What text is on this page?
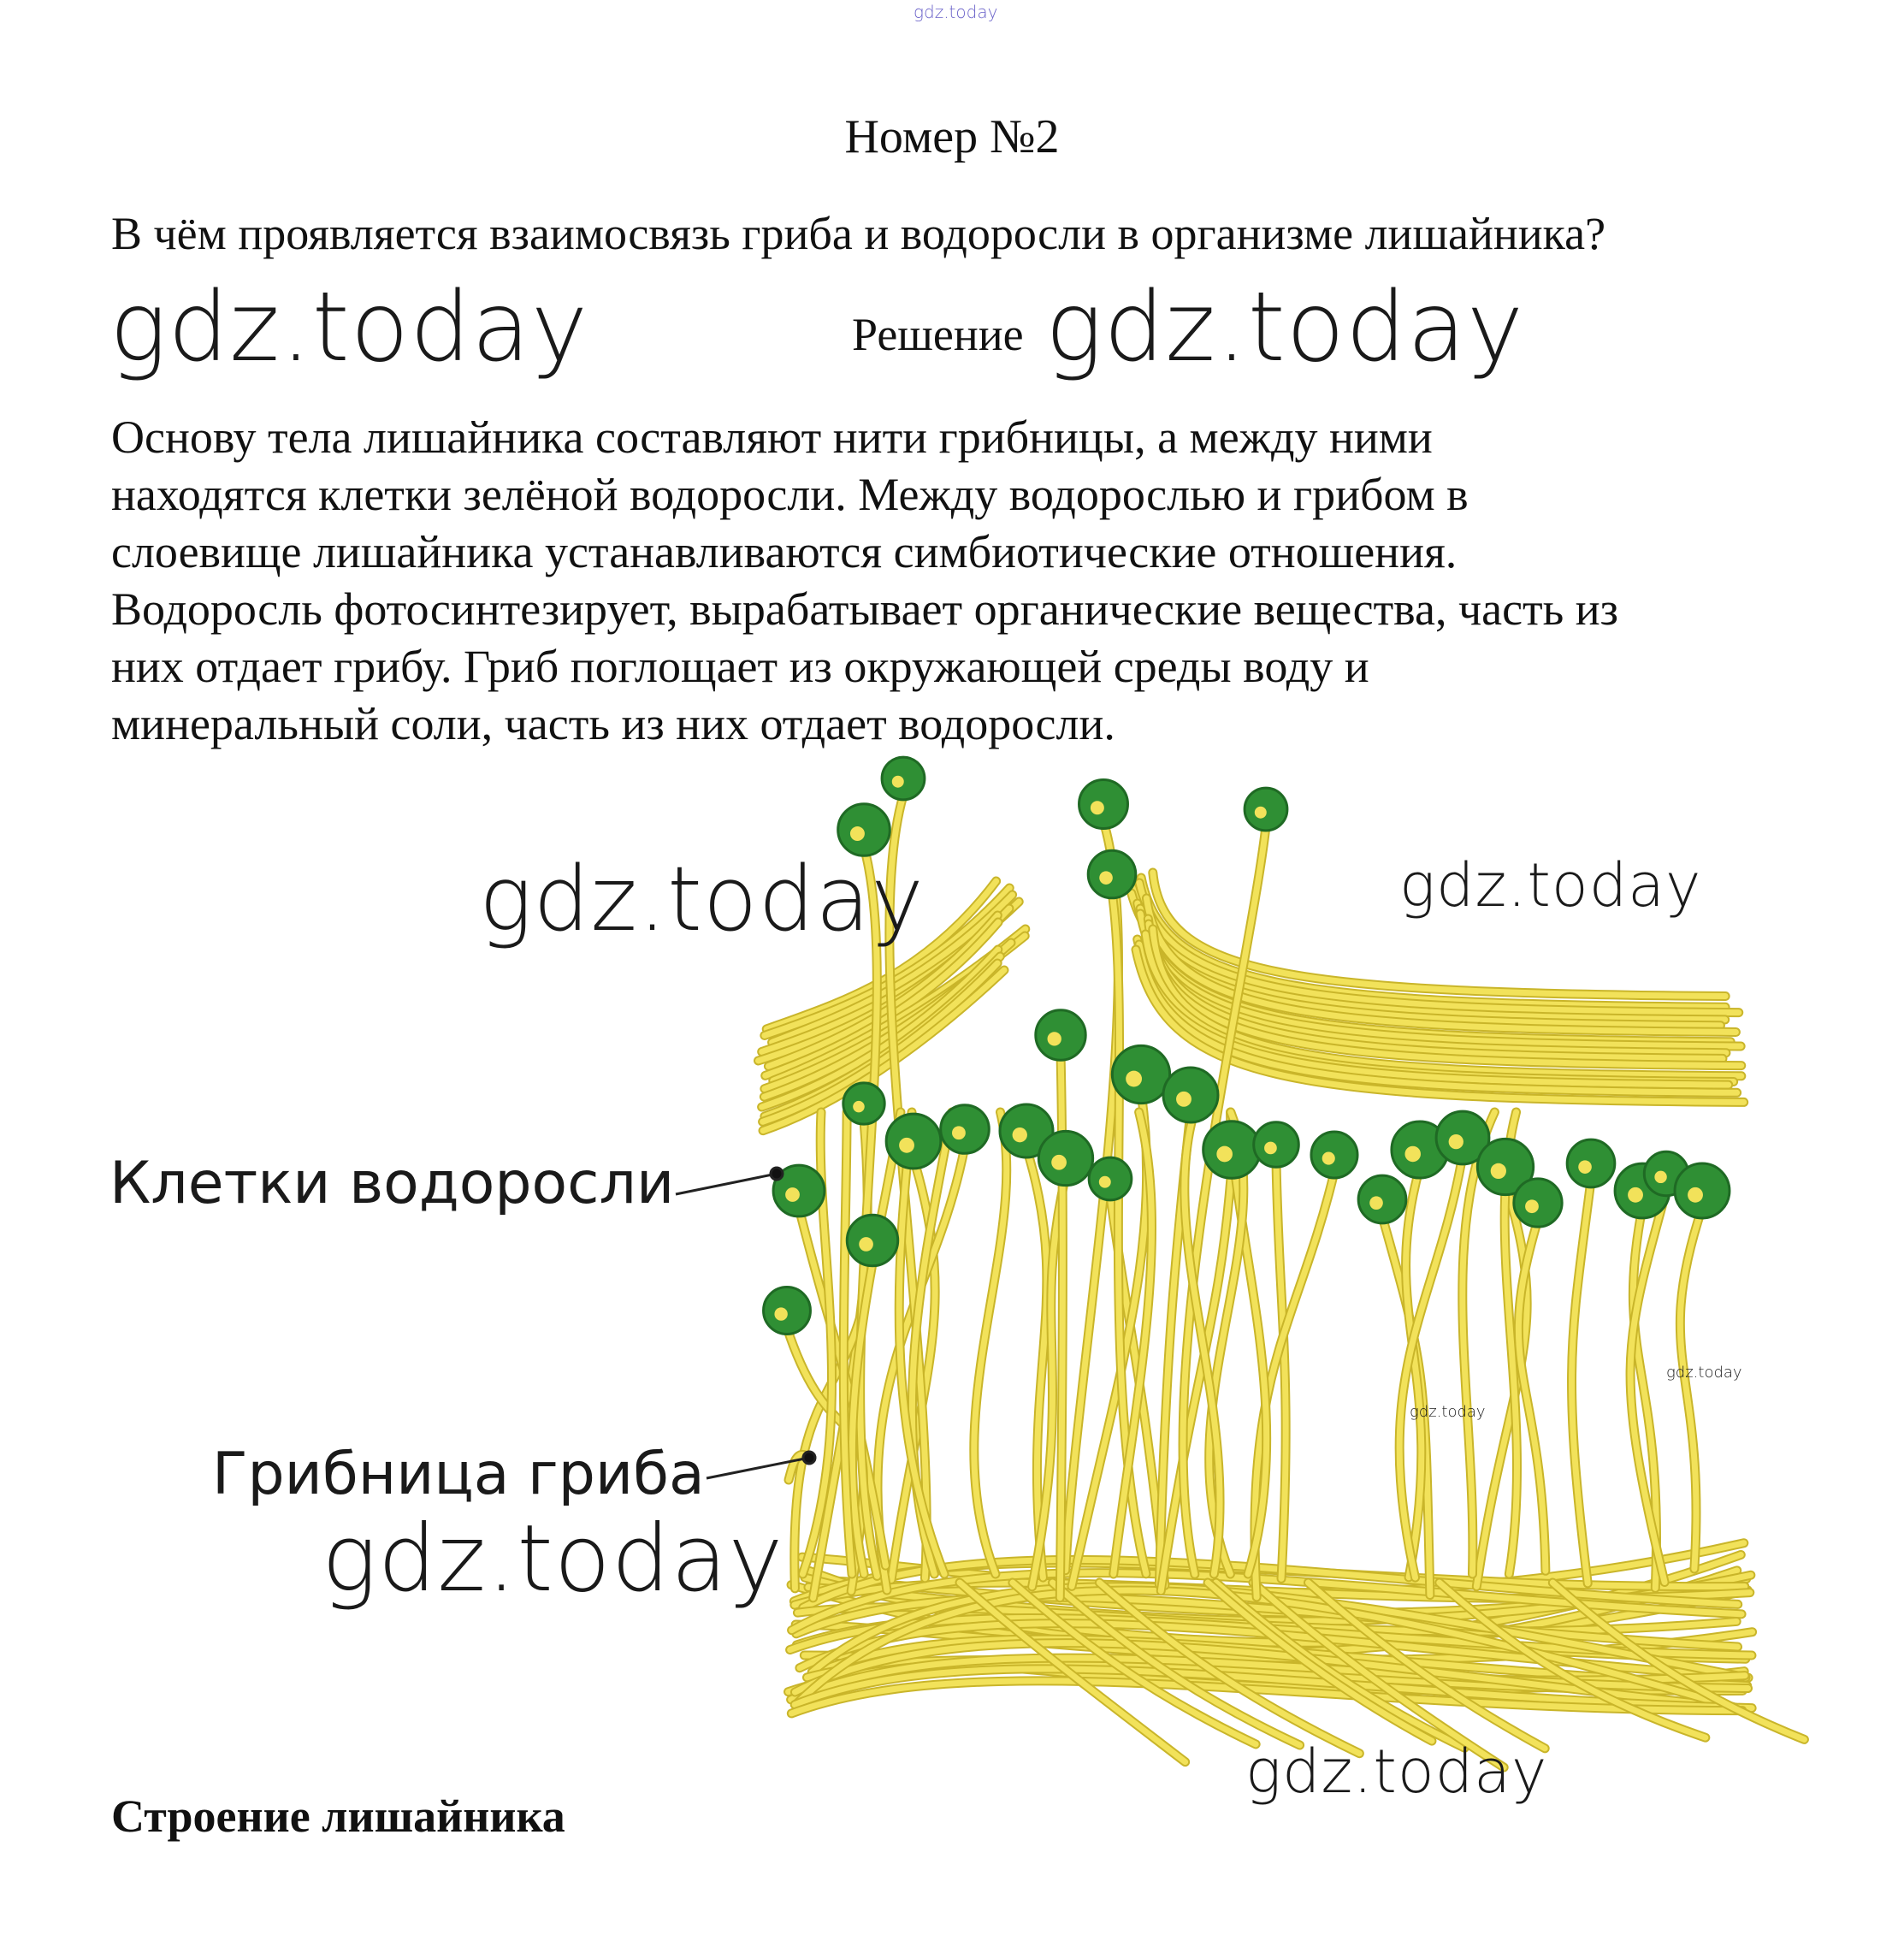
gdz.today
Номер №2
В чём проявляется взаимосвязь гриба и водоросли в организме лишайника?
gdz.today	Решение gdz.today

Основу тела лишайника составляют нити грибницы, а между ними

находятся клетки зелёной водоросли. Между водорослью и грибом в

слоевище лишайника устанавливаются симбиотические отношения.

Водоросль фотосинтезирует, вырабатывает органические вещества, часть из

них отдает грибу. Гриб поглощает из окружающей среды воду и

минеральный соли, часть из них отдает водоросли.

Клетки водоросли
Грибница гриба
gdz.today	gdz.today
gdz.today
gdz.today
gdz.today
gdz.today
Строение лишайника
